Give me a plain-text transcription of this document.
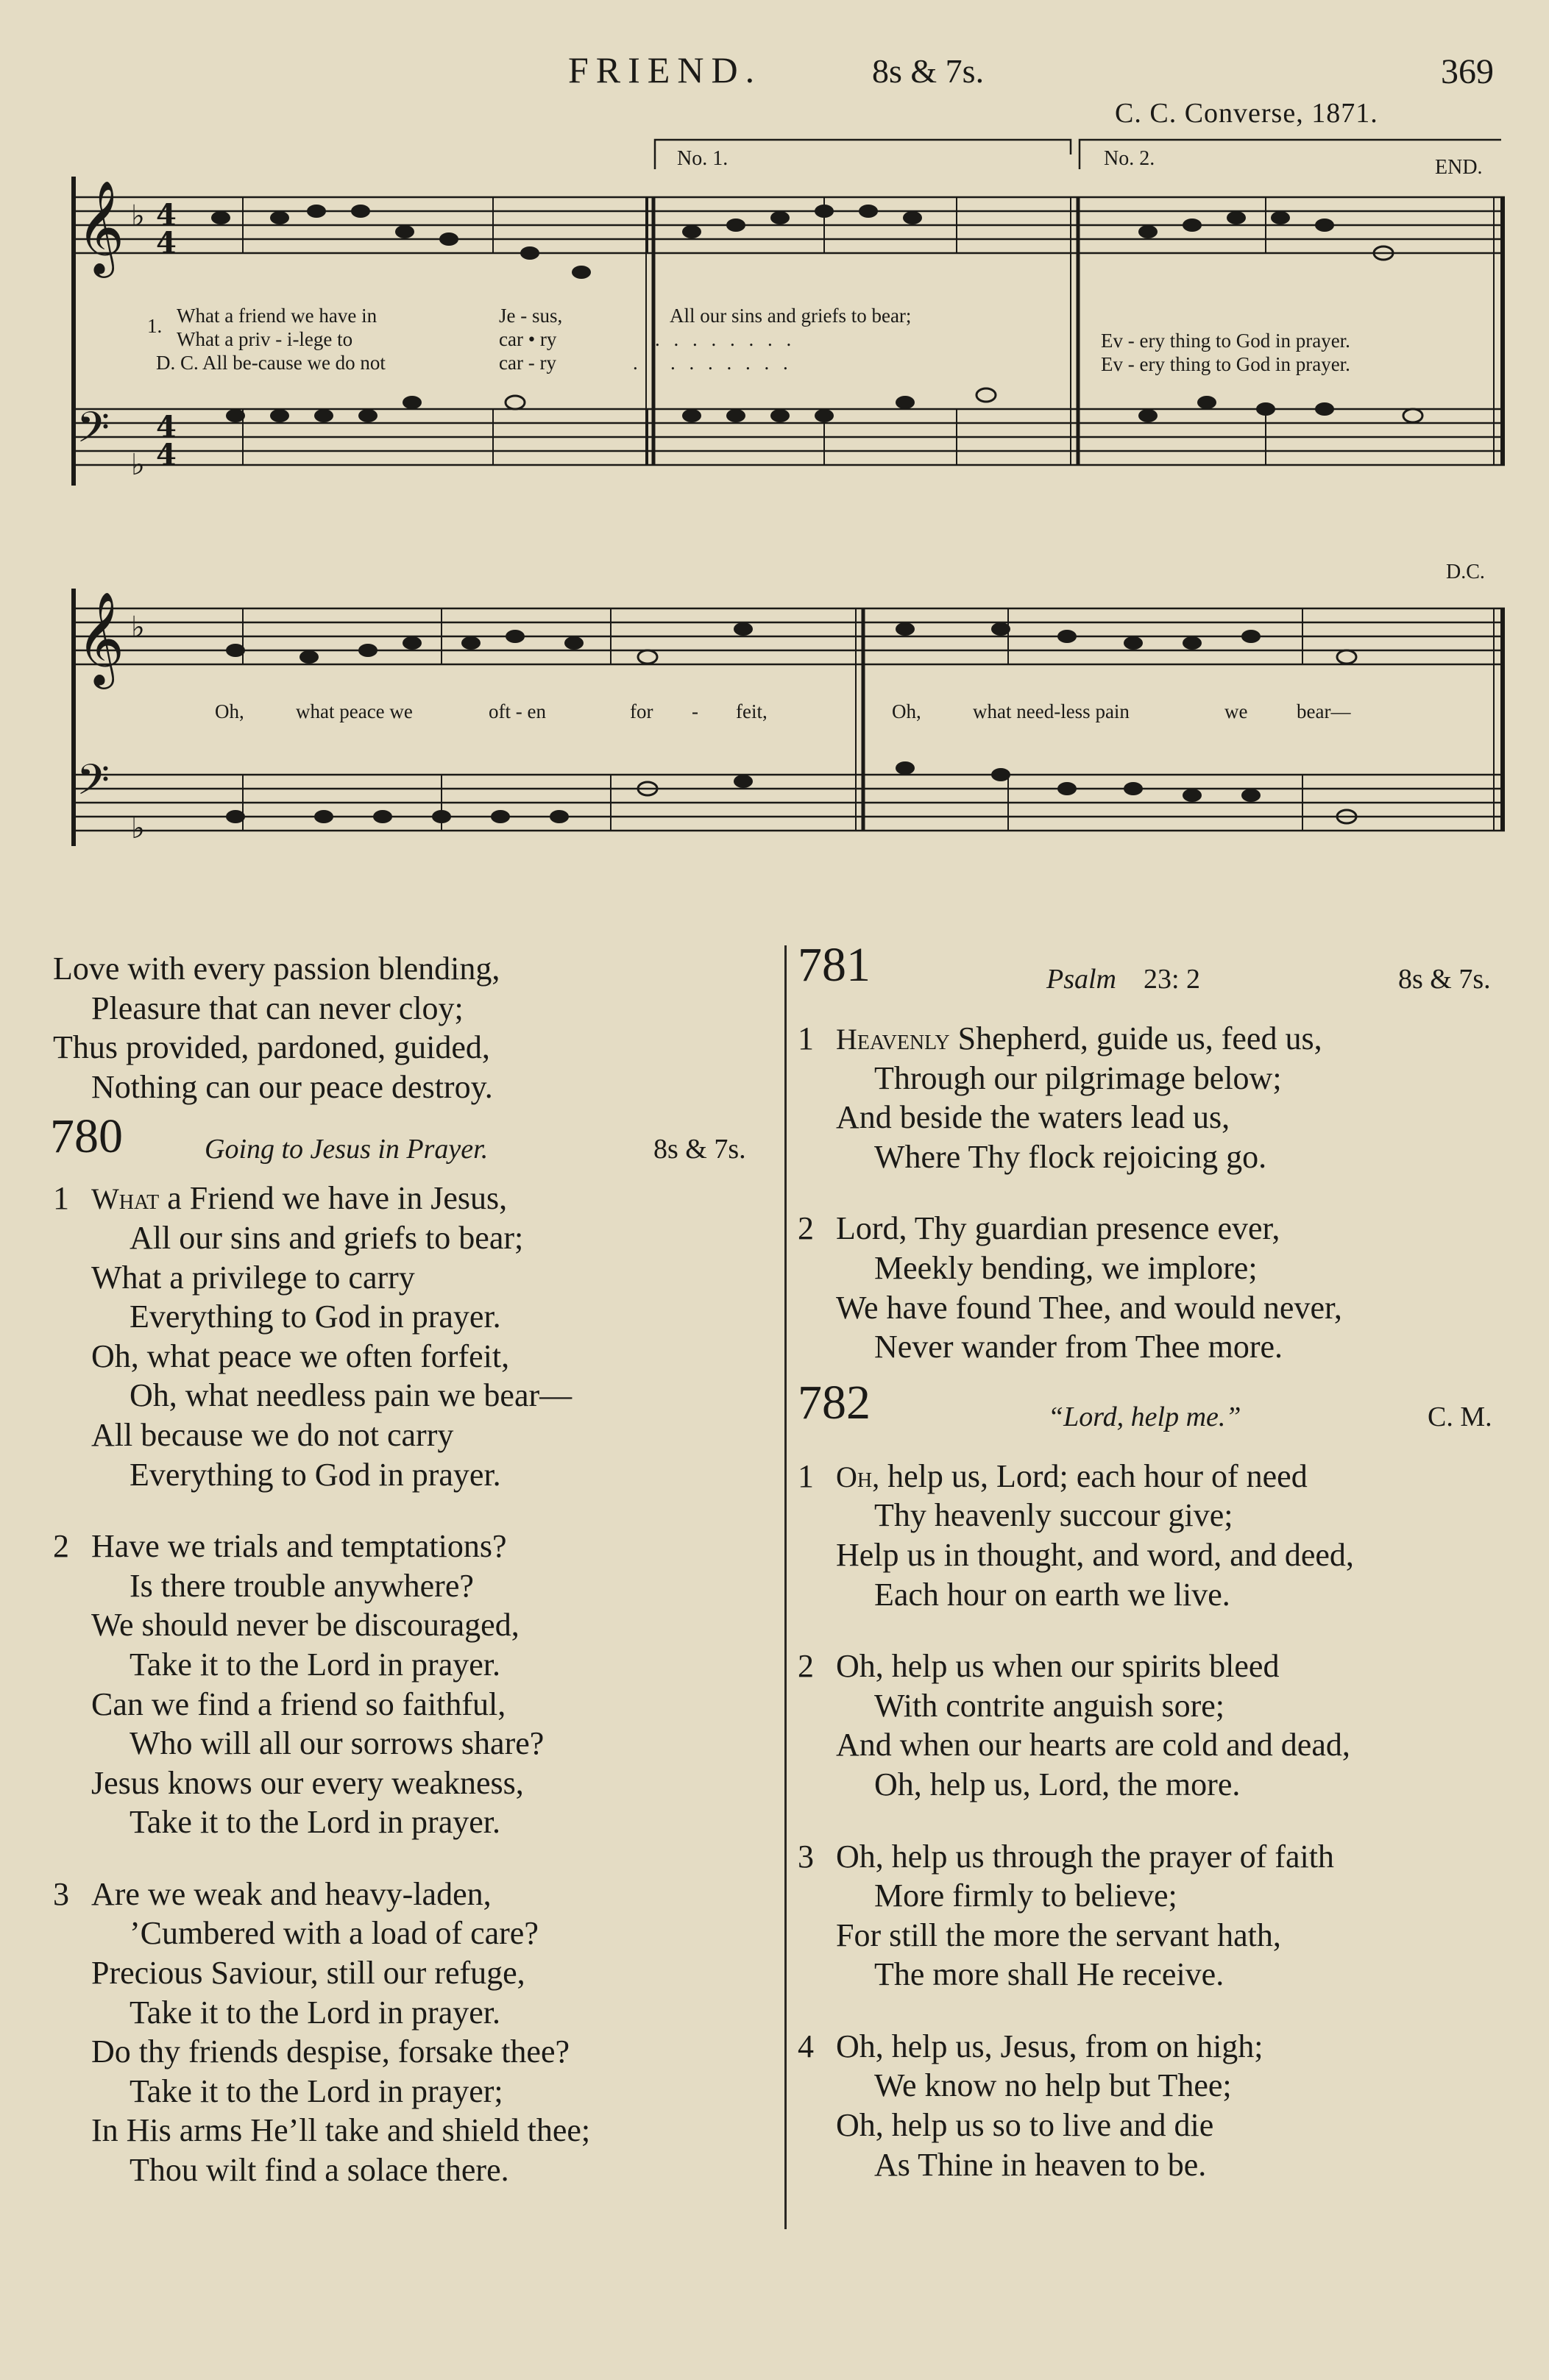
FRIEND.	8s & 7s.	369
C. C. Converse, 1871.
𝄞
𝄢
𝄞
𝄢
♭ 4
4
♭
4
4
♭
♭
No. 1.	No. 2.	END.
D.C.
1. What a friend we have in	Je - sus,	All our sins and griefs to bear;
What a priv - i-lege to	car • ry	. . . . . . . .
D. C. All be-cause we do not	car - ry	. . . . . . . . .
Ev - ery thing to God in prayer.
Ev - ery thing to God in prayer.
Oh,	what peace we	oft - en	for - feit,	Oh,	what need-less pain	we bear—
Love with every passion blending,
Pleasure that can never cloy;
Thus provided, pardoned, guided,
Nothing can our peace destroy.
780	Going to Jesus in Prayer.	8s & 7s.
1 What a Friend we have in Jesus,
All our sins and griefs to bear;
What a privilege to carry
Everything to God in prayer.
Oh, what peace we often forfeit,
Oh, what needless pain we bear—
All because we do not carry
Everything to God in prayer.
2 Have we trials and temptations?
Is there trouble anywhere?
We should never be discouraged,
Take it to the Lord in prayer.
Can we find a friend so faithful,
Who will all our sorrows share?
Jesus knows our every weakness,
Take it to the Lord in prayer.
3 Are we weak and heavy-laden,
’Cumbered with a load of care?
Precious Saviour, still our refuge,
Take it to the Lord in prayer.
Do thy friends despise, forsake thee?
Take it to the Lord in prayer;
In His arms He’ll take and shield thee;
Thou wilt find a solace there.
781	Psalm 23: 2	8s & 7s.
1 Heavenly Shepherd, guide us, feed us,
Through our pilgrimage below;
And beside the waters lead us,
Where Thy flock rejoicing go.
2 Lord, Thy guardian presence ever,
Meekly bending, we implore;
We have found Thee, and would never,
Never wander from Thee more.
782	“Lord, help me.”	C. M.
1 Oh, help us, Lord; each hour of need
Thy heavenly succour give;
Help us in thought, and word, and deed,
Each hour on earth we live.
2 Oh, help us when our spirits bleed
With contrite anguish sore;
And when our hearts are cold and dead,
Oh, help us, Lord, the more.
3 Oh, help us through the prayer of faith
More firmly to believe;
For still the more the servant hath,
The more shall He receive.
4 Oh, help us, Jesus, from on high;
We know no help but Thee;
Oh, help us so to live and die
As Thine in heaven to be.
